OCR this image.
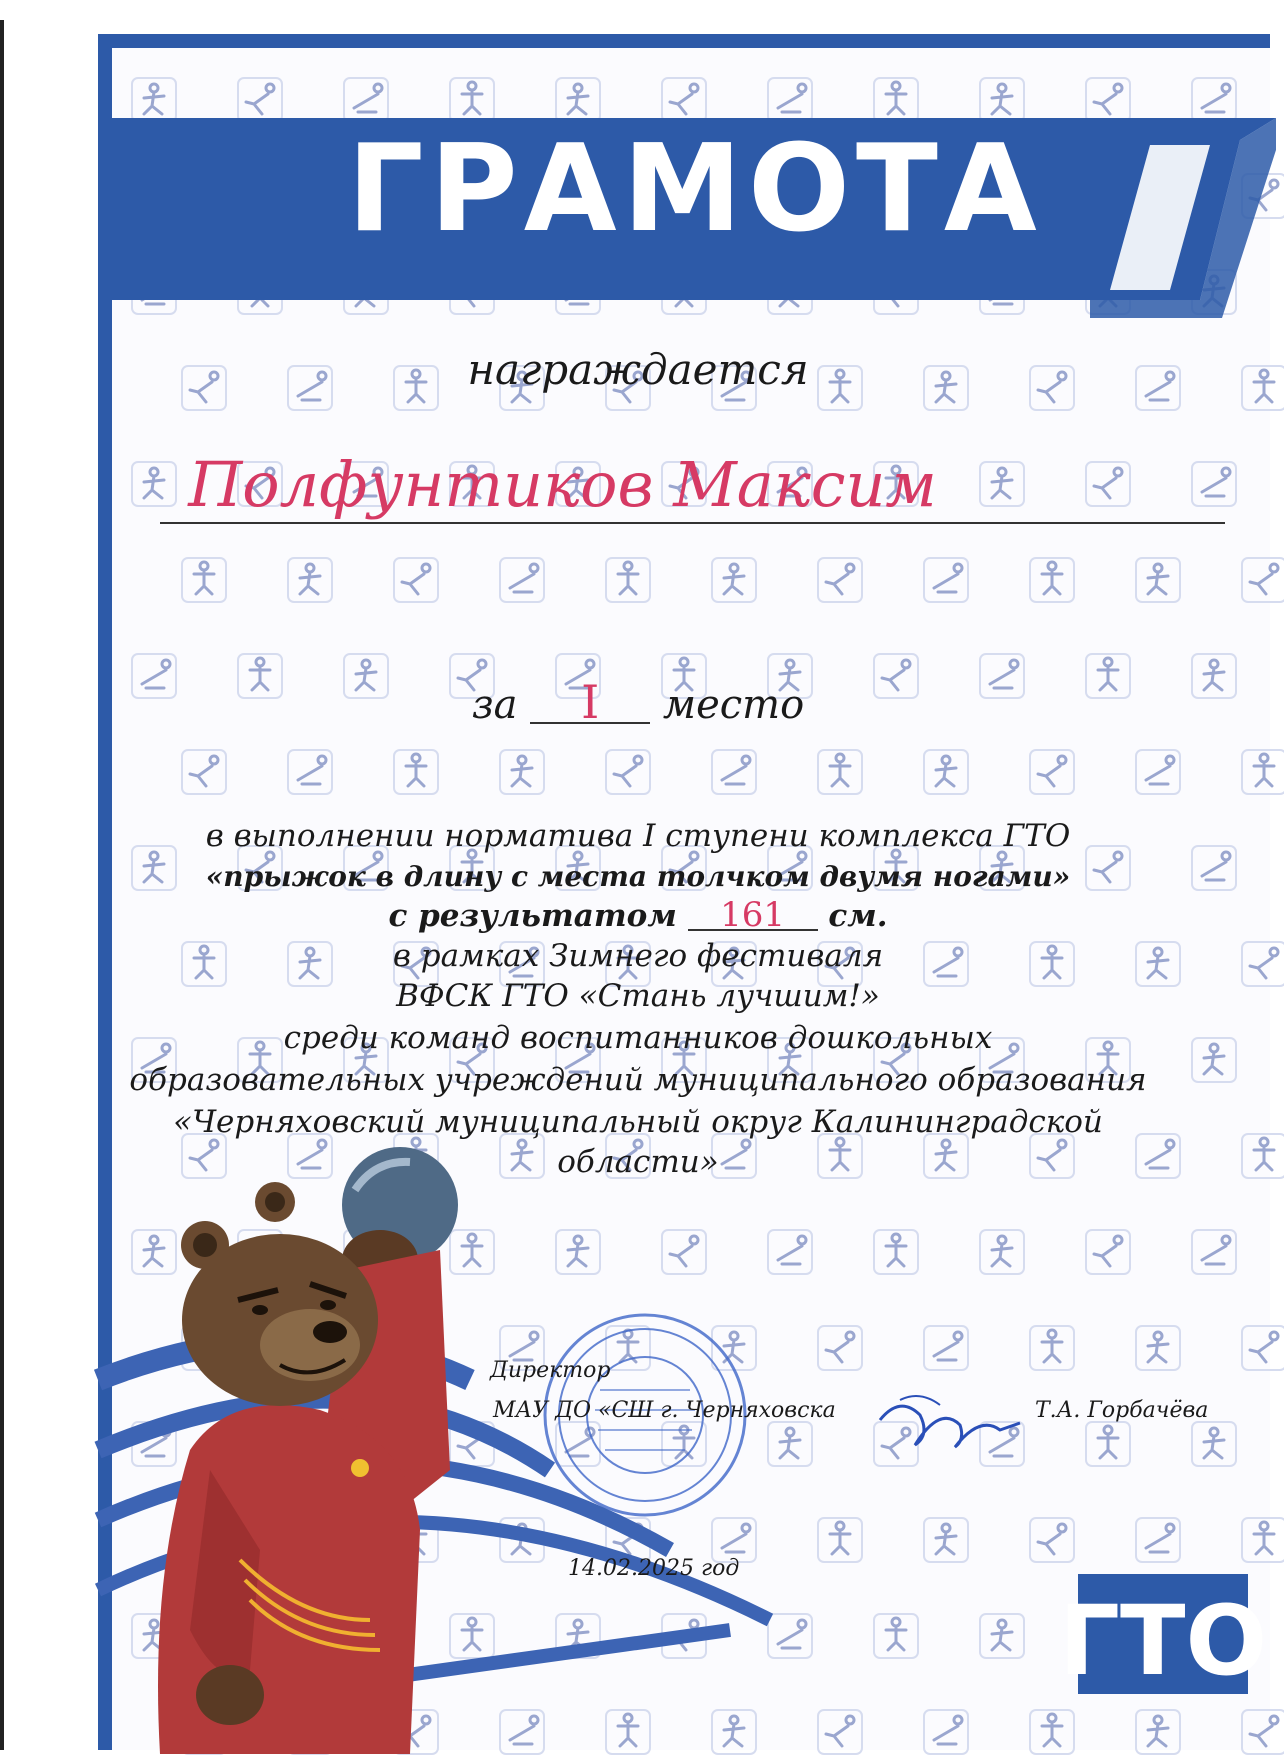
ГРАМОТА
награждается
Полфунтиков Максим
за I место
в выполнении норматива I ступени комплекса ГТО
«прыжок в длину с места толчком двумя ногами»
с результатом 161 см.
в рамках Зимнего фестиваля
ВФСК ГТО «Стань лучшим!»
среди команд воспитанников дошкольных
образовательных учреждений муниципального образования
«Черняховский муниципальный округ Калининградской
области»
Директор
МАУ ДО «СШ г. Черняховска	Т.А. Горбачёва
14.02.2025 год
ГТО
